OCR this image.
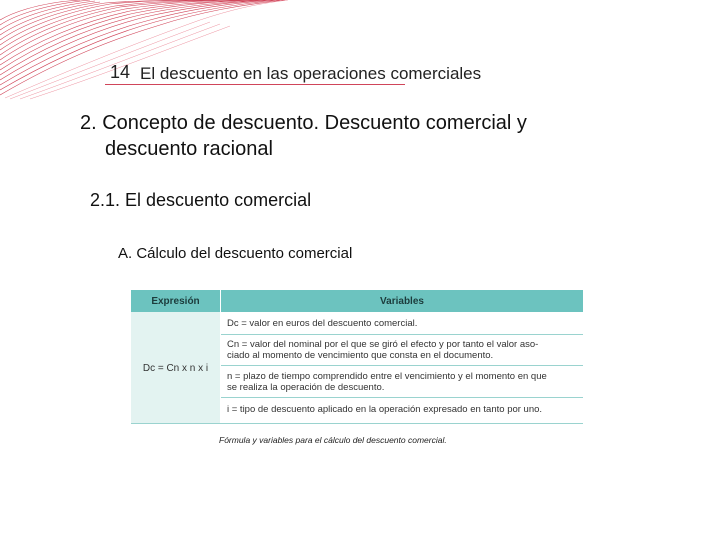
14 El descuento en las operaciones comerciales
2. Concepto de descuento. Descuento comercial y
descuento racional
2.1. El descuento comercial
A. Cálculo del descuento comercial
Expresión	Variables
Dc = Cn x n x i
Dc = valor en euros del descuento comercial.
Cn = valor del nominal por el que se giró el efecto y por tanto el valor aso-
ciado al momento de vencimiento que consta en el documento.
n = plazo de tiempo comprendido entre el vencimiento y el momento en que
se realiza la operación de descuento.
i = tipo de descuento aplicado en la operación expresado en tanto por uno.
Fórmula y variables para el cálculo del descuento comercial.
